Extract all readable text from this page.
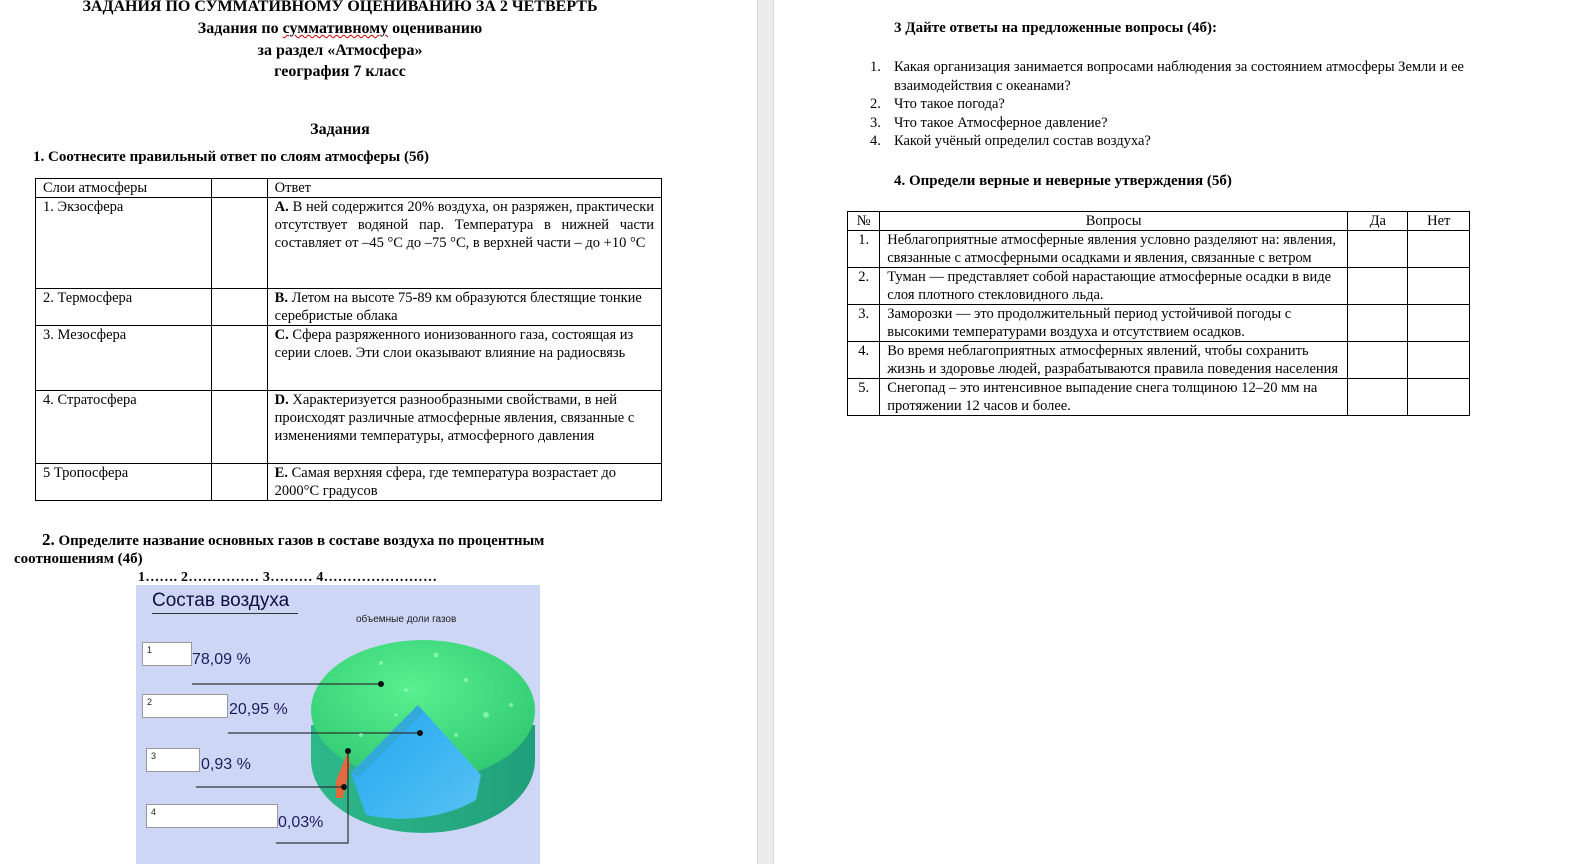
ЗАДАНИЯ ПО СУММАТИВНОМУ ОЦЕНИВАНИЮ ЗА 2 ЧЕТВЕРТЬ
Задания по суммативному оцениванию
за раздел «Атмосфера»
география 7 класс
Задания
1. Соотнесите правильный ответ по слоям атмосферы (5б)
Слои атмосферы		Ответ
1. Экзосфера		А. В ней содержится 20% воздуха, он разряжен, практически отсутствует водяной пар. Температура в нижней части составляет от –45 °C до –75 °C, в верхней части – до +10 °C
2. Термосфера		В. Летом на высоте 75-89 км образуются блестящие тонкие серебристые облака
3. Мезосфера		С. Сфера разряженного ионизованного газа, состоящая из серии слоев. Эти слои оказывают влияние на радиосвязь
4. Стратосфера		D. Характеризуется разнообразными свойствами, в ней происходят различные атмосферные явления, связанные с изменениями температуры, атмосферного давления
5 Тропосфера		E. Самая верхняя сфера, где температура возрастает до 2000°С градусов
2. Определите название основных газов в составе воздуха по процентным
соотношениям (4б)
1……. 2…………… 3……… 4……………………
Состав воздуха
объемные доли газов
1
78,09 %
2	20,95 %
3	0,93 %
4
0,03%
3 Дайте ответы на предложенные вопросы (4б):
1. Какая организация занимается вопросами наблюдения за состоянием атмосферы Земли и ее взаимодействия с океанами?
2. Что такое погода?
3. Что такое Атмосферное давление?
4. Какой учёный определил состав воздуха?
4. Определи верные и неверные утверждения (5б)
№	Вопросы	Да	Нет
1.	Неблагоприятные атмосферные явления условно разделяют на: явления, связанные с атмосферными осадками и явления, связанные с ветром		
2.	Туман — представляет собой нарастающие атмосферные осадки в виде слоя плотного стекловидного льда.		
3.	Заморозки — это продолжительный период устойчивой погоды с высокими температурами воздуха и отсутствием осадков.		
4.	Во время неблагоприятных атмосферных явлений, чтобы сохранить жизнь и здоровье людей, разрабатываются правила поведения населения		
5.	Снегопад – это интенсивное выпадение снега толщиною 12–20 мм на протяжении 12 часов и более.		
